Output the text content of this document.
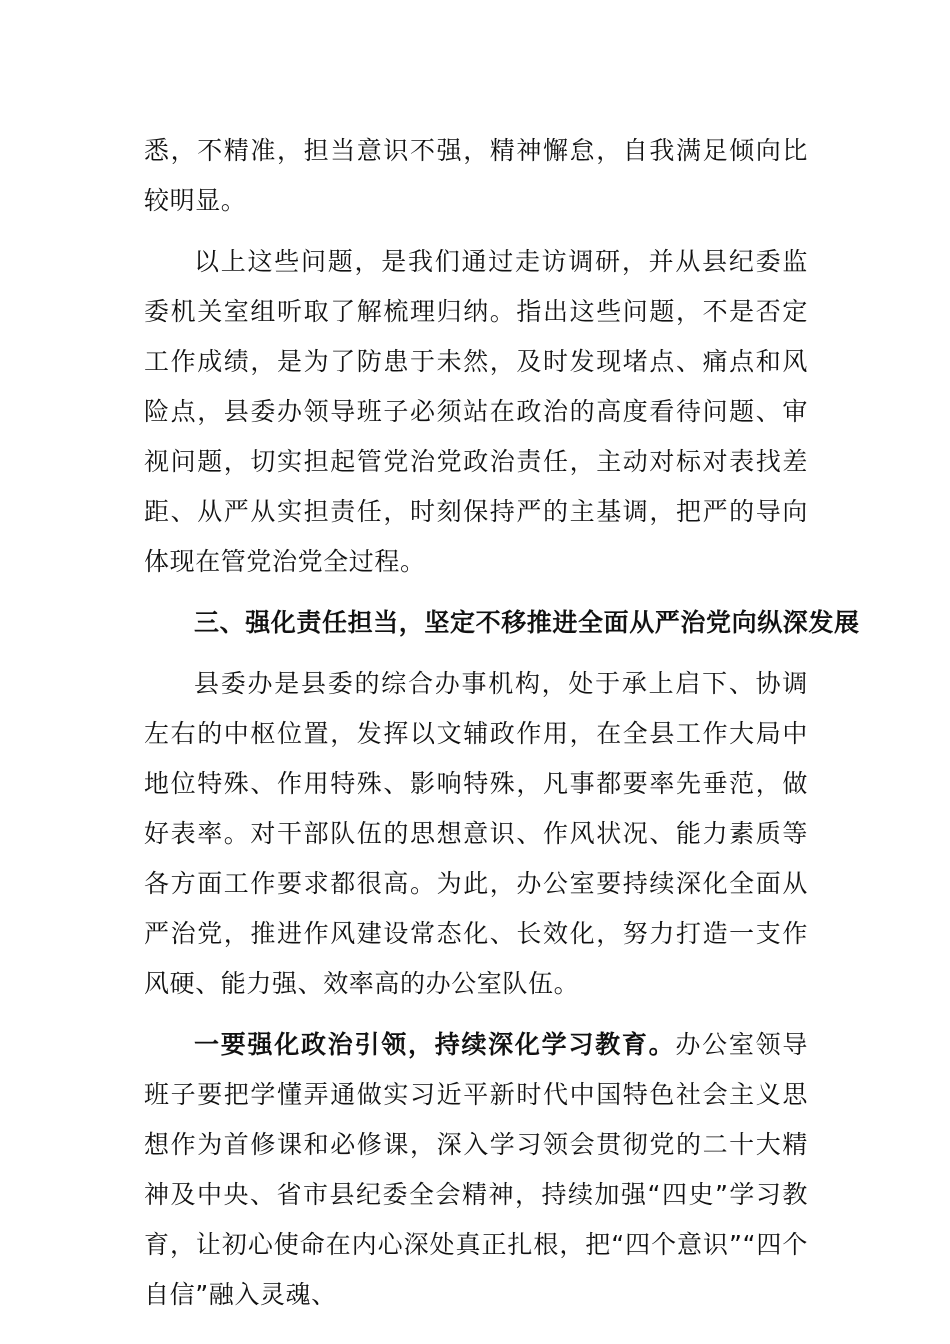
悉，不精准，担当意识不强，精神懈怠，自我满足倾向比较明显。

以上这些问题，是我们通过走访调研，并从县纪委监委机关室组听取了解梳理归纳。指出这些问题，不是否定工作成绩，是为了防患于未然，及时发现堵点、痛点和风险点，县委办领导班子必须站在政治的高度看待问题、审视问题，切实担起管党治党政治责任，主动对标对表找差距、从严从实担责任，时刻保持严的主基调，把严的导向体现在管党治党全过程。

三、强化责任担当，坚定不移推进全面从严治党向纵深发展

县委办是县委的综合办事机构，处于承上启下、协调左右的中枢位置，发挥以文辅政作用，在全县工作大局中地位特殊、作用特殊、影响特殊，凡事都要率先垂范，做好表率。对干部队伍的思想意识、作风状况、能力素质等各方面工作要求都很高。为此，办公室要持续深化全面从严治党，推进作风建设常态化、长效化，努力打造一支作风硬、能力强、效率高的办公室队伍。

一要强化政治引领，持续深化学习教育。办公室领导班子要把学懂弄通做实习近平新时代中国特色社会主义思想作为首修课和必修课，深入学习领会贯彻党的二十大精神及中央、省市县纪委全会精神，持续加强“四史”学习教育，让初心使命在内心深处真正扎根，把“四个意识”“四个自信”融入灵魂、
